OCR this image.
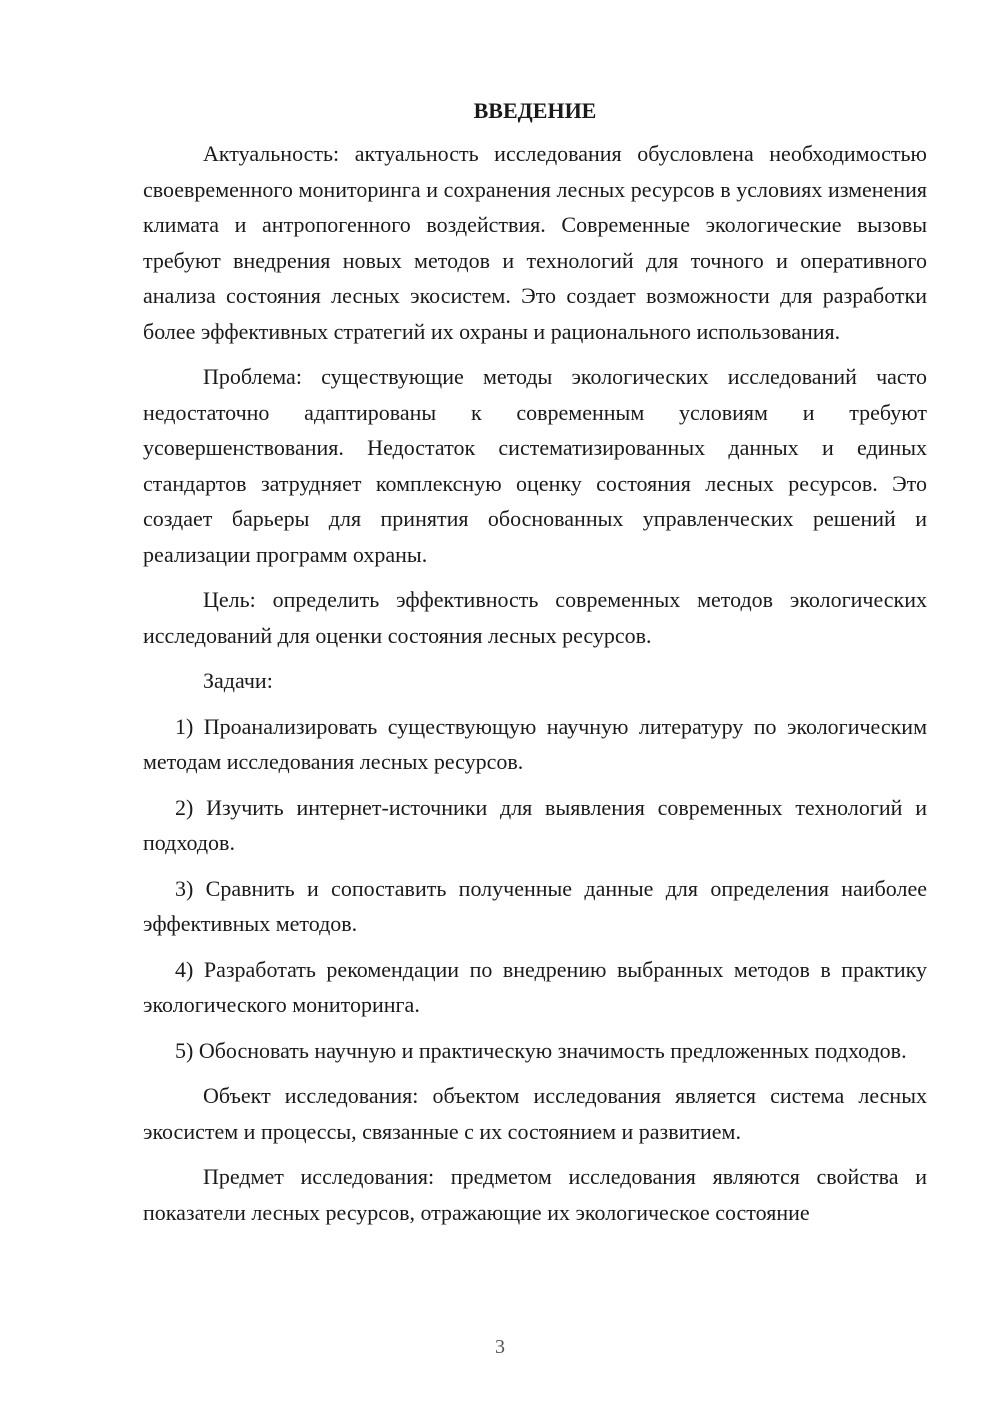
ВВЕДЕНИЕ

Актуальность: актуальность исследования обусловлена необходимостью своевременного мониторинга и сохранения лесных ресурсов в условиях изменения климата и антропогенного воздействия. Современные экологические вызовы требуют внедрения новых методов и технологий для точного и оперативного анализа состояния лесных экосистем. Это создает возможности для разработки более эффективных стратегий их охраны и рационального использования.

Проблема: существующие методы экологических исследований часто недостаточно адаптированы к современным условиям и требуют усовершенствования. Недостаток систематизированных данных и единых стандартов затрудняет комплексную оценку состояния лесных ресурсов. Это создает барьеры для принятия обоснованных управленческих решений и реализации программ охраны.

Цель: определить эффективность современных методов экологических исследований для оценки состояния лесных ресурсов.

Задачи:

1) Проанализировать существующую научную литературу по экологическим методам исследования лесных ресурсов.

2) Изучить интернет-источники для выявления современных технологий и подходов.

3) Сравнить и сопоставить полученные данные для определения наиболее эффективных методов.

4) Разработать рекомендации по внедрению выбранных методов в практику экологического мониторинга.

5) Обосновать научную и практическую значимость предложенных подходов.

Объект исследования: объектом исследования является система лесных экосистем и процессы, связанные с их состоянием и развитием.

Предмет исследования: предметом исследования являются свойства и показатели лесных ресурсов, отражающие их экологическое состояние

3
